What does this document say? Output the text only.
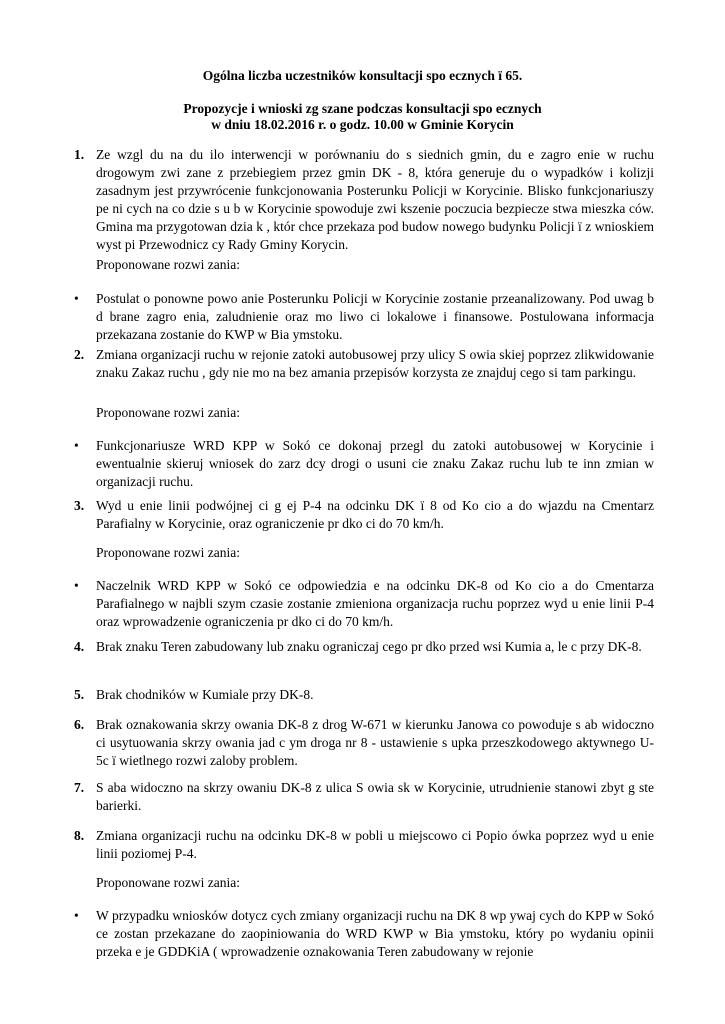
Ogólna liczba uczestników konsultacji spo ecznych ï 65.
Propozycje i wnioski zg szane podczas konsultacji spo ecznych
w dniu 18.02.2016 r. o godz. 10.00 w Gminie Korycin
1. Ze wzgl du na du ilo interwencji w porównaniu do s siednich gmin, du e zagro enie w ruchu drogowym zwi zane z przebiegiem przez gmin DK - 8, która generuje du o wypadków i kolizji zasadnym jest przywrócenie funkcjonowania Posterunku Policji w Korycinie. Blisko funkcjonariuszy pe ni cych na co dzie s u b w Korycinie spowoduje zwi kszenie poczucia bezpiecze stwa mieszka ców. Gmina ma przygotowan dzia k , któr chce przekaza pod budow nowego budynku Policji ï z wnioskiem wyst pi Przewodnicz cy Rady Gminy Korycin.
Proponowane rozwi zania:
• Postulat o ponowne powo anie Posterunku Policji w Korycinie zostanie przeanalizowany. Pod uwag b d brane zagro enia, zaludnienie oraz mo liwo ci lokalowe i finansowe. Postulowana informacja przekazana zostanie do KWP w Bia ymstoku.
2. Zmiana organizacji ruchu w rejonie zatoki autobusowej przy ulicy S owia skiej poprzez zlikwidowanie znaku Zakaz ruchu , gdy nie mo na bez amania przepisów korzysta ze znajduj cego si tam parkingu.
Proponowane rozwi zania:
• Funkcjonariusze WRD KPP w Sokó ce dokonaj przegl du zatoki autobusowej w Korycinie i ewentualnie skieruj wniosek do zarz dcy drogi o usuni cie znaku Zakaz ruchu lub te inn zmian w organizacji ruchu.
3. Wyd u enie linii podwójnej ci g ej P-4 na odcinku DK ï 8 od Ko cio a do wjazdu na Cmentarz Parafialny w Korycinie, oraz ograniczenie pr dko ci do 70 km/h.
Proponowane rozwi zania:
• Naczelnik WRD KPP w Sokó ce odpowiedzia e na odcinku DK-8 od Ko cio a do Cmentarza Parafialnego w najbli szym czasie zostanie zmieniona organizacja ruchu poprzez wyd u enie linii P-4 oraz wprowadzenie ograniczenia pr dko ci do 70 km/h.
4. Brak znaku Teren zabudowany lub znaku ograniczaj cego pr dko przed wsi Kumia a, le c przy DK-8.
5. Brak chodników w Kumiale przy DK-8.
6. Brak oznakowania skrzy owania DK-8 z drog W-671 w kierunku Janowa co powoduje s ab widoczno ci usytuowania skrzy owania jad c ym droga nr 8 - ustawienie s upka przeszkodowego aktywnego U-5c ï wietlnego rozwi zaloby problem.
7. S aba widoczno na skrzy owaniu DK-8 z ulica S owia sk w Korycinie, utrudnienie stanowi zbyt g ste barierki.
8. Zmiana organizacji ruchu na odcinku DK-8 w pobli u miejscowo ci Popio ówka poprzez wyd u enie linii poziomej P-4.
Proponowane rozwi zania:
• W przypadku wniosków dotycz cych zmiany organizacji ruchu na DK 8 wp ywaj cych do KPP w Sokó ce zostan przekazane do zaopiniowania do WRD KWP w Bia ymstoku, który po wydaniu opinii przeka e je GDDKiA ( wprowadzenie oznakowania Teren zabudowany w rejonie
